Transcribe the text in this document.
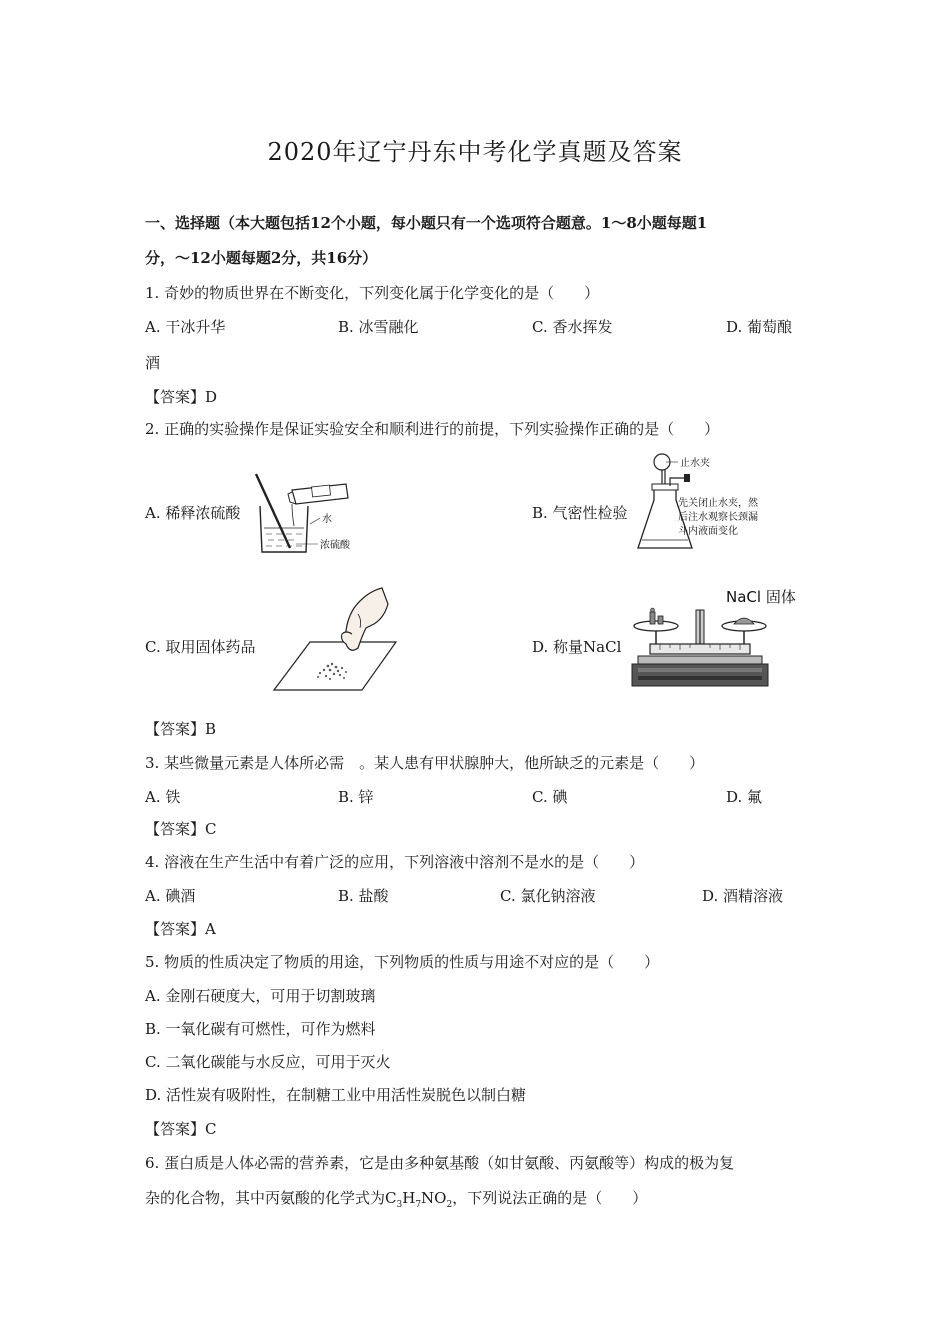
2020年辽宁丹东中考化学真题及答案
一、选择题（本大题包括12个小题，每小题只有一个选项符合题意。1～8小题每题1
分，～12小题每题2分，共16分）
1. 奇妙的物质世界在不断变化，下列变化属于化学变化的是（　　）
A. 干冰升华	B. 冰雪融化	C. 香水挥发	D. 葡萄酿
酒
【答案】D
2. 正确的实验操作是保证实验安全和顺利进行的前提，下列实验操作正确的是（　　）
A. 稀释浓硫酸	B. 气密性检验
水
浓硫酸
止水夹
先关闭止水夹，然
后注水观察长颈漏
斗内液面变化
C. 取用固体药品	D. 称量NaCl
NaCl 固体
【答案】B
3. 某些微量元素是人体所必需　。某人患有甲状腺肿大，他所缺乏的元素是（　　）
A. 铁	B. 锌	C. 碘	D. 氟
【答案】C
4. 溶液在生产生活中有着广泛的应用，下列溶液中溶剂不是水的是（　　）
A. 碘酒	B. 盐酸	C. 氯化钠溶液	D. 酒精溶液
【答案】A
5. 物质的性质决定了物质的用途，下列物质的性质与用途不对应的是（　　）
A. 金刚石硬度大，可用于切割玻璃
B. 一氧化碳有可燃性，可作为燃料
C. 二氧化碳能与水反应，可用于灭火
D. 活性炭有吸附性，在制糖工业中用活性炭脱色以制白糖
【答案】C
6. 蛋白质是人体必需的营养素，它是由多种氨基酸（如甘氨酸、丙氨酸等）构成的极为复
杂的化合物，其中丙氨酸的化学式为$C_3H_7NO_2$，下列说法正确的是（　　）
